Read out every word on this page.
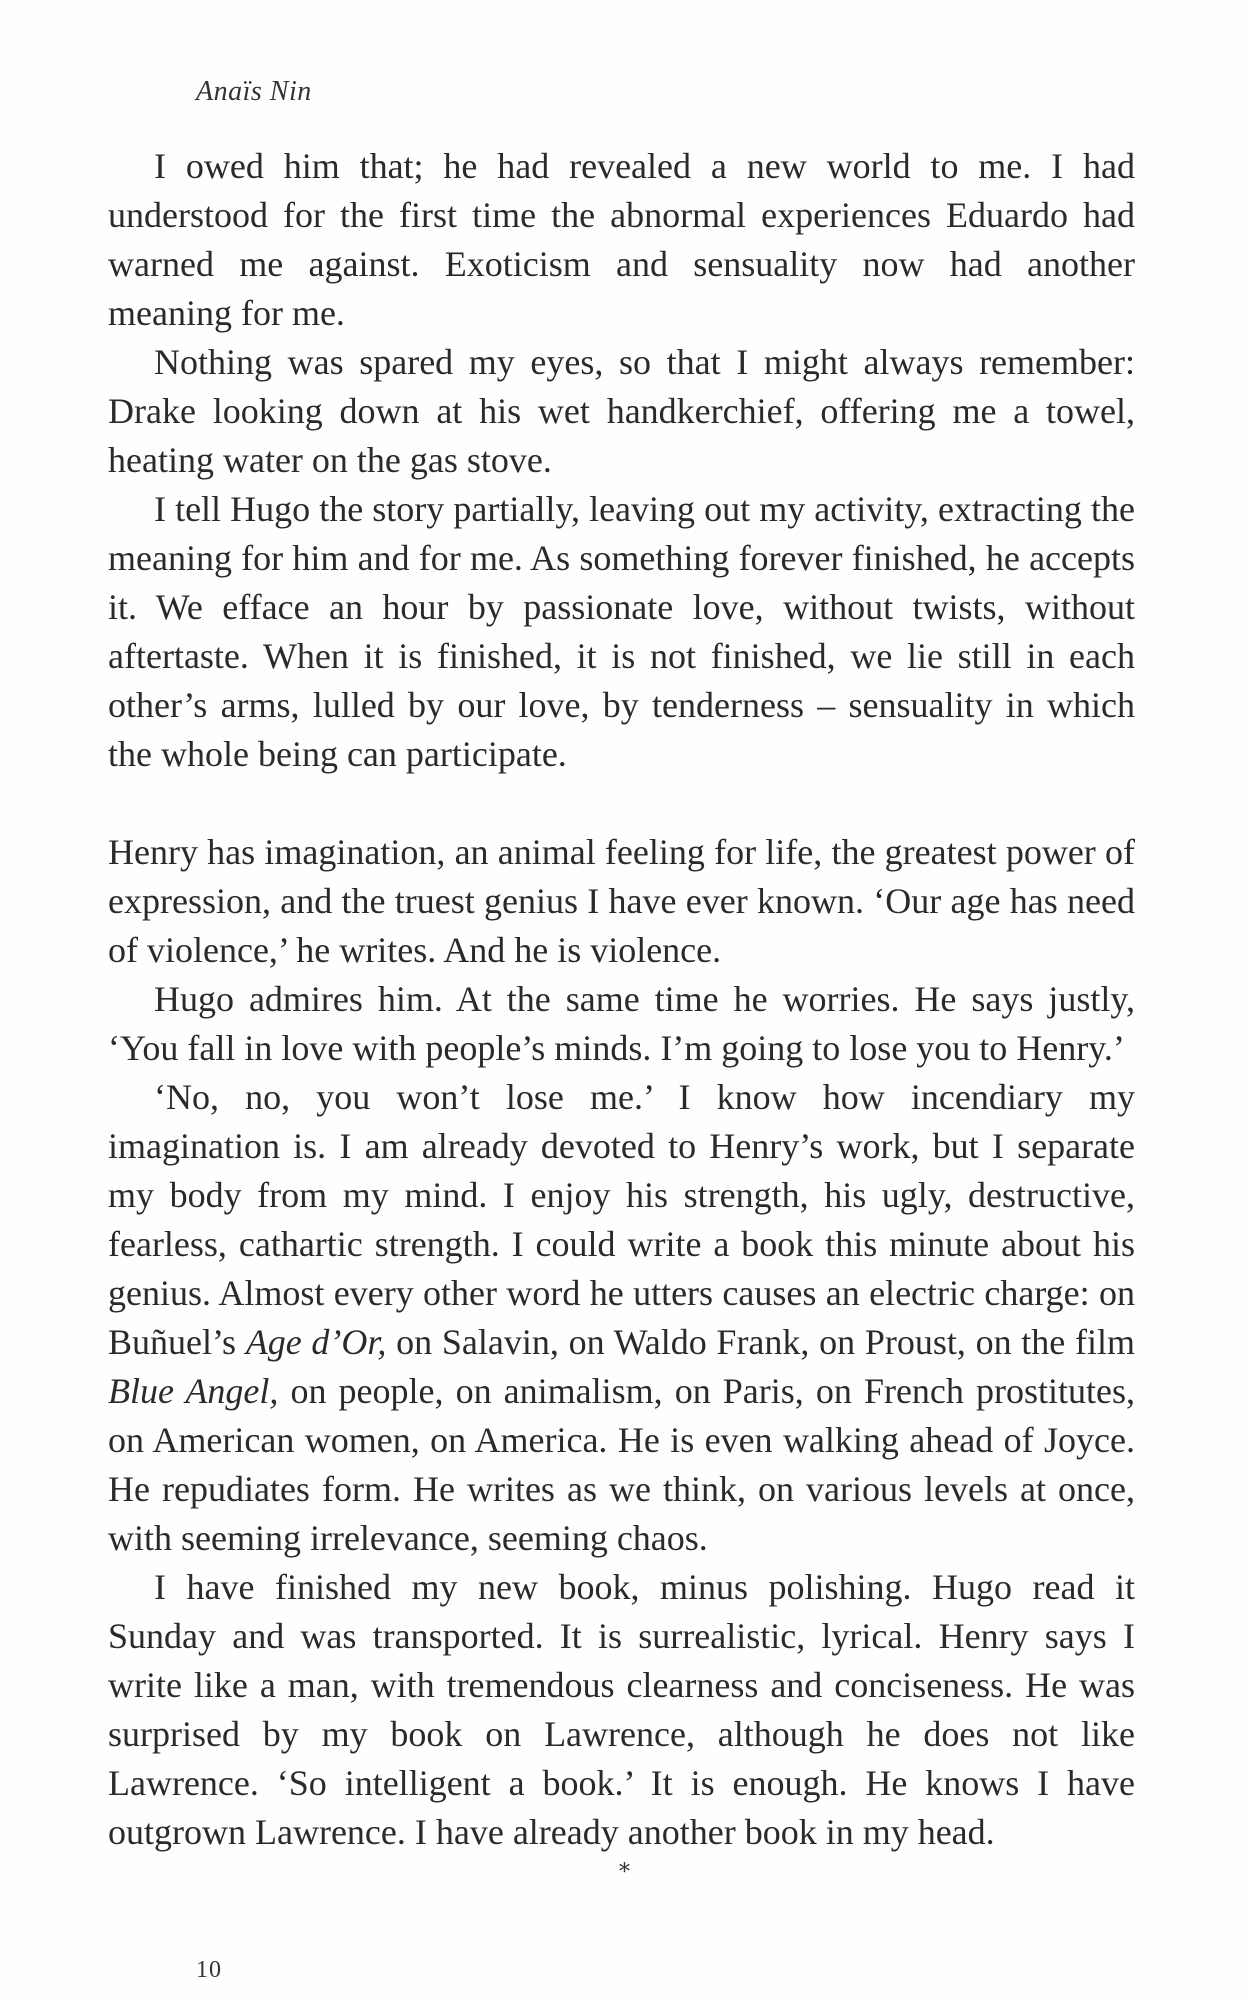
Anaïs Nin

I owed him that; he had revealed a new world to me. I had understood for the first time the abnormal experiences Eduardo had warned me against. Exoticism and sensuality now had another meaning for me.

Nothing was spared my eyes, so that I might always remember: Drake looking down at his wet handkerchief, offering me a towel, heating water on the gas stove.

I tell Hugo the story partially, leaving out my activity, extracting the meaning for him and for me. As something forever finished, he accepts it. We efface an hour by passionate love, without twists, without aftertaste. When it is finished, it is not finished, we lie still in each other’s arms, lulled by our love, by tenderness – sensuality in which the whole being can participate.

Henry has imagination, an animal feeling for life, the greatest power of expression, and the truest genius I have ever known. ‘Our age has need of violence,’ he writes. And he is violence.

Hugo admires him. At the same time he worries. He says justly, ‘You fall in love with people’s minds. I’m going to lose you to Henry.’

‘No, no, you won’t lose me.’ I know how incendiary my imagination is. I am already devoted to Henry’s work, but I separate my body from my mind. I enjoy his strength, his ugly, destructive, fearless, cathartic strength. I could write a book this minute about his genius. Almost every other word he utters causes an electric charge: on Buñuel’s Age d’Or, on Salavin, on Waldo Frank, on Proust, on the film Blue Angel, on people, on animalism, on Paris, on French prostitutes, on American women, on America. He is even walking ahead of Joyce. He repudiates form. He writes as we think, on various levels at once, with seeming irrelevance, seeming chaos.

I have finished my new book, minus polishing. Hugo read it Sunday and was transported. It is surrealistic, lyrical. Henry says I write like a man, with tremendous clearness and conciseness. He was surprised by my book on Lawrence, although he does not like Lawrence. ‘So intelligent a book.’ It is enough. He knows I have outgrown Lawrence. I have already another book in my head.

*
10
